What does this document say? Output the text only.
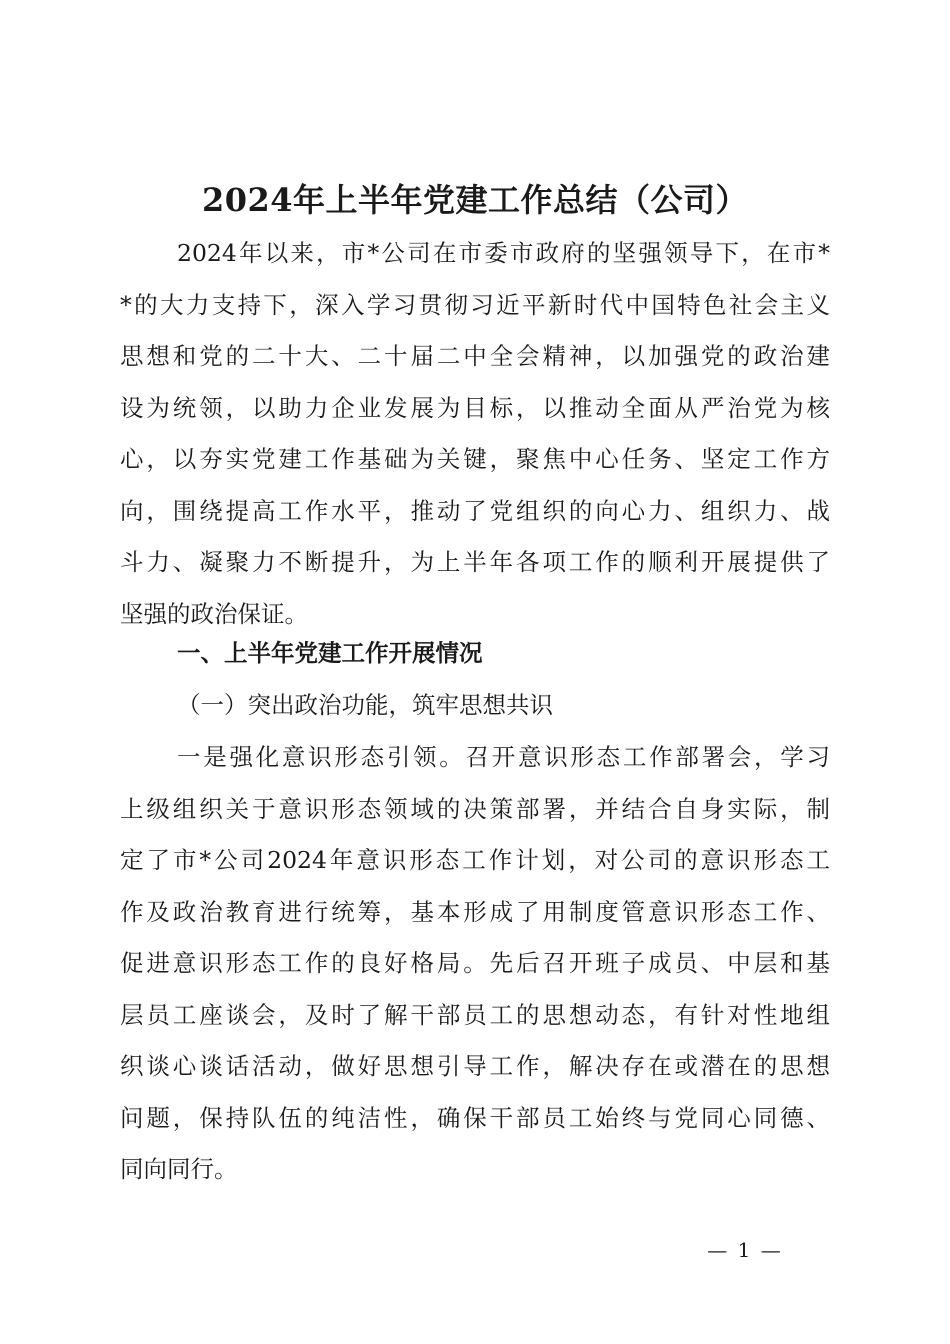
2024年上半年党建工作总结（公司）
2024年以来，市*公司在市委市政府的坚强领导下，在市*
*的大力支持下，深入学习贯彻习近平新时代中国特色社会主义
思想和党的二十大、二十届二中全会精神，以加强党的政治建
设为统领，以助力企业发展为目标，以推动全面从严治党为核
心，以夯实党建工作基础为关键，聚焦中心任务、坚定工作方
向，围绕提高工作水平，推动了党组织的向心力、组织力、战
斗力、凝聚力不断提升，为上半年各项工作的顺利开展提供了
坚强的政治保证。
一、上半年党建工作开展情况
（一）突出政治功能，筑牢思想共识
一是强化意识形态引领。召开意识形态工作部署会，学习
上级组织关于意识形态领域的决策部署，并结合自身实际，制
定了市*公司2024年意识形态工作计划，对公司的意识形态工
作及政治教育进行统筹，基本形成了用制度管意识形态工作、
促进意识形态工作的良好格局。先后召开班子成员、中层和基
层员工座谈会，及时了解干部员工的思想动态，有针对性地组
织谈心谈话活动，做好思想引导工作，解决存在或潜在的思想
问题，保持队伍的纯洁性，确保干部员工始终与党同心同德、
同向同行。
— 1 —
